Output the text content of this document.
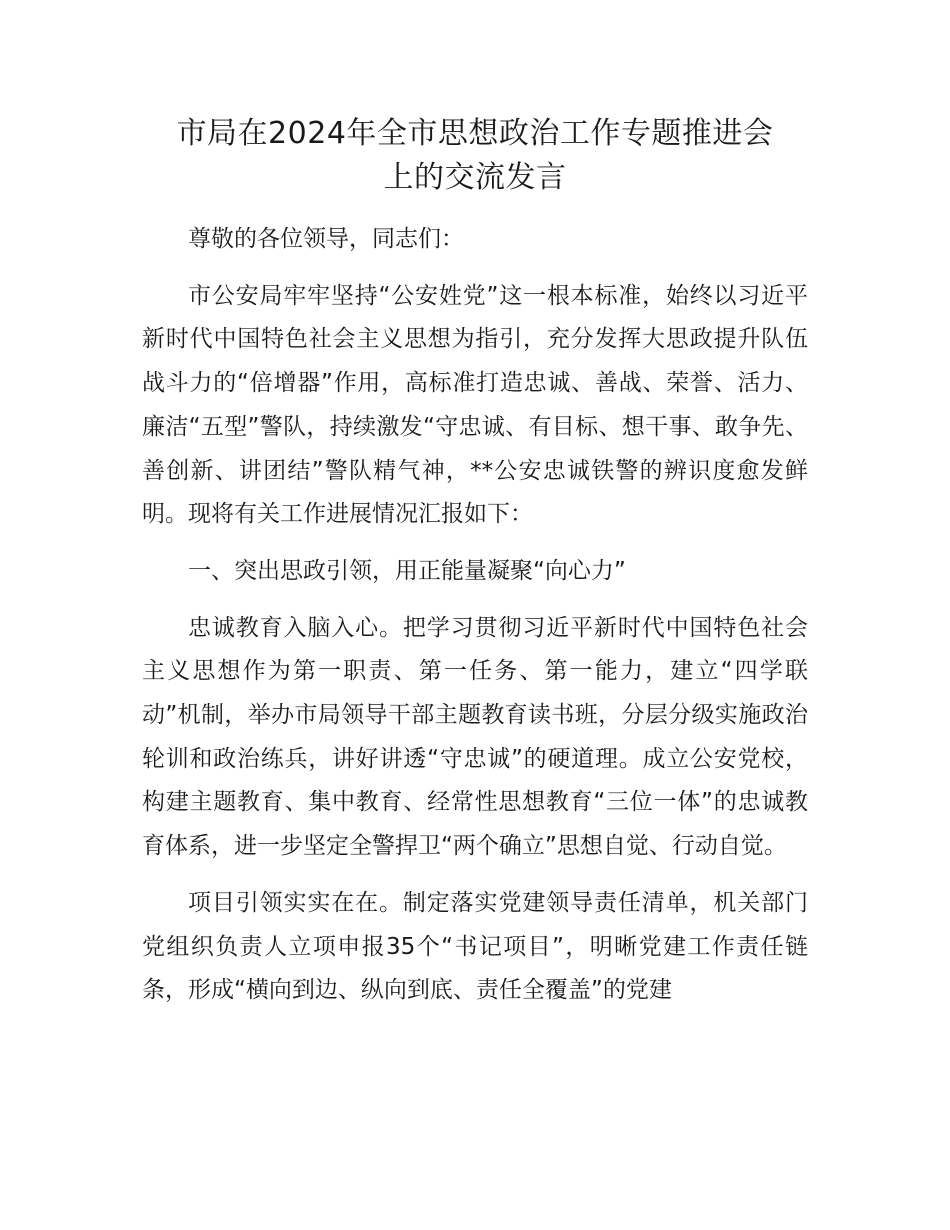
市局在2024年全市思想政治工作专题推进会
上的交流发言

尊敬的各位领导，同志们：

市公安局牢牢坚持“公安姓党”这一根本标准，始终以习近平新时代中国特色社会主义思想为指引，充分发挥大思政提升队伍战斗力的“倍增器”作用，高标准打造忠诚、善战、荣誉、活力、廉洁“五型”警队，持续激发“守忠诚、有目标、想干事、敢争先、善创新、讲团结”警队精气神，**公安忠诚铁警的辨识度愈发鲜明。现将有关工作进展情况汇报如下：

一、突出思政引领，用正能量凝聚“向心力”

忠诚教育入脑入心。把学习贯彻习近平新时代中国特色社会主义思想作为第一职责、第一任务、第一能力，建立“四学联动”机制，举办市局领导干部主题教育读书班，分层分级实施政治轮训和政治练兵，讲好讲透“守忠诚”的硬道理。成立公安党校，构建主题教育、集中教育、经常性思想教育“三位一体”的忠诚教育体系，进一步坚定全警捍卫“两个确立”思想自觉、行动自觉。

项目引领实实在在。制定落实党建领导责任清单，机关部门党组织负责人立项申报35个“书记项目”，明晰党建工作责任链条，形成“横向到边、纵向到底、责任全覆盖”的党建
